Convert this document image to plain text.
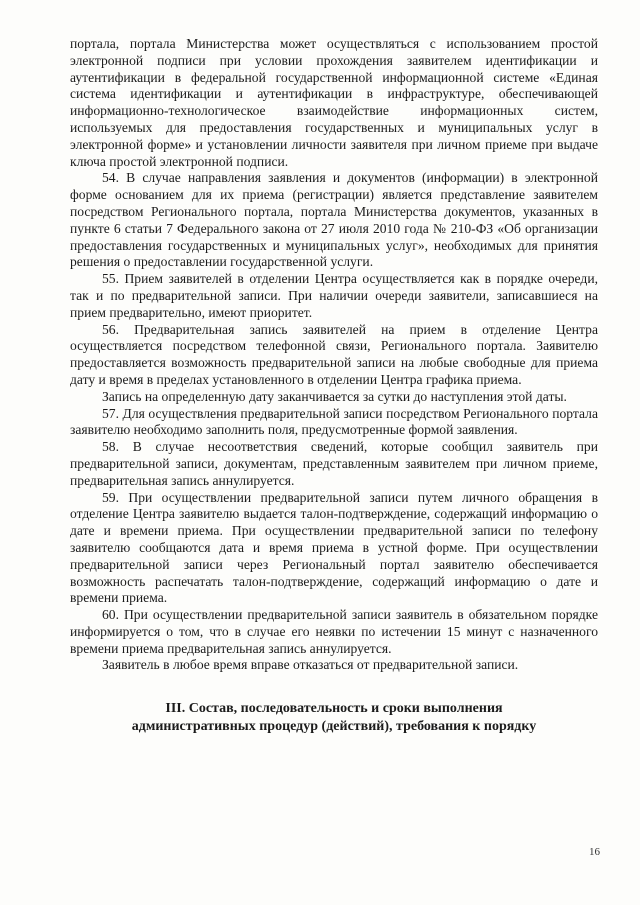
портала, портала Министерства может осуществляться с использованием простой электронной подписи при условии прохождения заявителем идентификации и аутентификации в федеральной государственной информационной системе «Единая система идентификации и аутентификации в инфраструктуре, обеспечивающей информационно-технологическое взаимодействие информационных систем, используемых для предоставления государственных и муниципальных услуг в электронной форме» и установлении личности заявителя при личном приеме при выдаче ключа простой электронной подписи.

54. В случае направления заявления и документов (информации) в электронной форме основанием для их приема (регистрации) является представление заявителем посредством Регионального портала, портала Министерства документов, указанных в пункте 6 статьи 7 Федерального закона от 27 июля 2010 года № 210-ФЗ «Об организации предоставления государственных и муниципальных услуг», необходимых для принятия решения о предоставлении государственной услуги.

55. Прием заявителей в отделении Центра осуществляется как в порядке очереди, так и по предварительной записи. При наличии очереди заявители, записавшиеся на прием предварительно, имеют приоритет.

56. Предварительная запись заявителей на прием в отделение Центра осуществляется посредством телефонной связи, Регионального портала. Заявителю предоставляется возможность предварительной записи на любые свободные для приема дату и время в пределах установленного в отделении Центра графика приема.

Запись на определенную дату заканчивается за сутки до наступления этой даты.

57. Для осуществления предварительной записи посредством Регионального портала заявителю необходимо заполнить поля, предусмотренные формой заявления.

58. В случае несоответствия сведений, которые сообщил заявитель при предварительной записи, документам, представленным заявителем при личном приеме, предварительная запись аннулируется.

59. При осуществлении предварительной записи путем личного обращения в отделение Центра заявителю выдается талон-подтверждение, содержащий информацию о дате и времени приема. При осуществлении предварительной записи по телефону заявителю сообщаются дата и время приема в устной форме. При осуществлении предварительной записи через Региональный портал заявителю обеспечивается возможность распечатать талон-подтверждение, содержащий информацию о дате и времени приема.

60. При осуществлении предварительной записи заявитель в обязательном порядке информируется о том, что в случае его неявки по истечении 15 минут с назначенного времени приема предварительная запись аннулируется.

Заявитель в любое время вправе отказаться от предварительной записи.

III. Состав, последовательность и сроки выполнения
административных процедур (действий), требования к порядку
16
